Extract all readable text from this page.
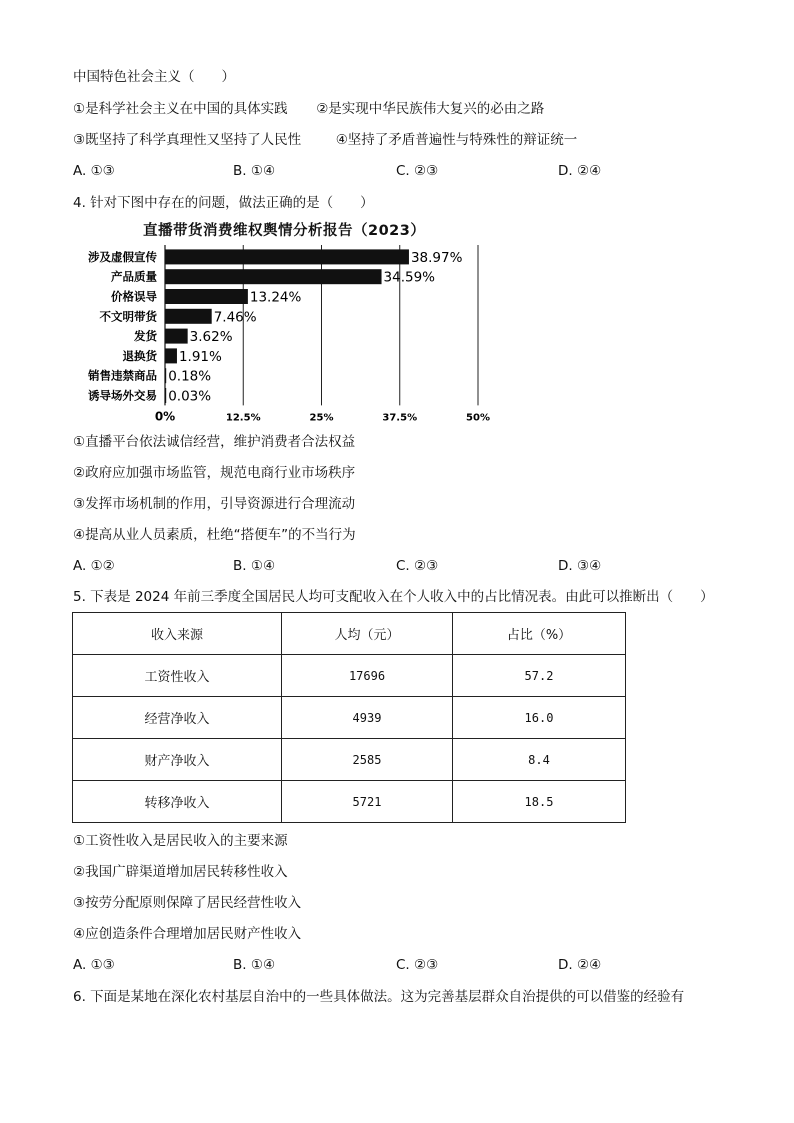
中国特色社会主义（　　）
①是科学社会主义在中国的具体实践 ②是实现中华民族伟大复兴的必由之路
③既坚持了科学真理性又坚持了人民性	④坚持了矛盾普遍性与特殊性的辩证统一
A. ①③	B. ①④	C. ②③	D. ②④
4. 针对下图中存在的问题，做法正确的是（　　）
直播带货消费维权舆情分析报告（2023）
0%	12.5%	25%	37.5%	50%
涉及虚假宣传	38.97%
产品质量	34.59%
价格误导	13.24%
不文明带货	7.46%
发货 3.62%
退换货 1.91%
销售违禁商品 0.18%
诱导场外交易 0.03%
①直播平台依法诚信经营，维护消费者合法权益
②政府应加强市场监管，规范电商行业市场秩序
③发挥市场机制的作用，引导资源进行合理流动
④提高从业人员素质，杜绝“搭便车”的不当行为
A. ①②	B. ①④	C. ②③	D. ③④
5. 下表是 2024 年前三季度全国居民人均可支配收入在个人收入中的占比情况表。由此可以推断出（　　）
收入来源	人均（元）	占比（%）
工资性收入	17696	57.2
经营净收入	4939	16.0
财产净收入	2585	8.4
转移净收入	5721	18.5
①工资性收入是居民收入的主要来源
②我国广辟渠道增加居民转移性收入
③按劳分配原则保障了居民经营性收入
④应创造条件合理增加居民财产性收入
A. ①③	B. ①④	C. ②③	D. ②④
6. 下面是某地在深化农村基层自治中的一些具体做法。这为完善基层群众自治提供的可以借鉴的经验有
